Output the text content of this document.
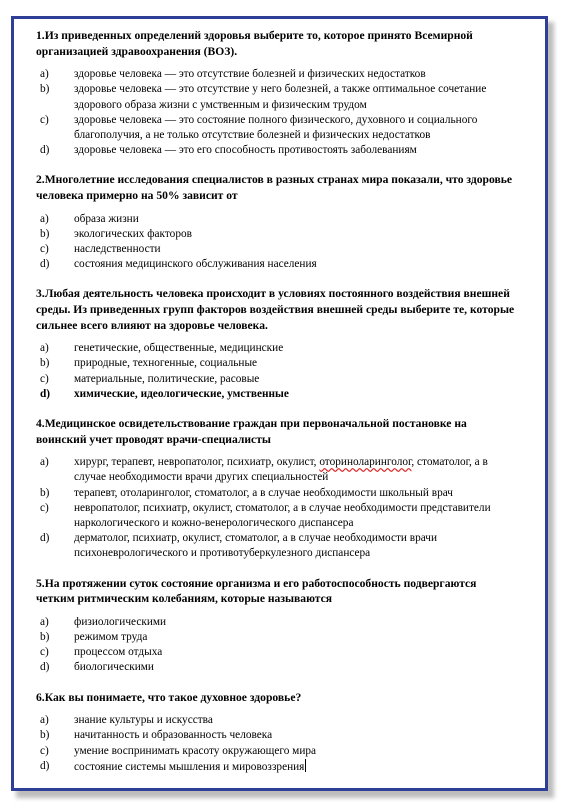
1.Из приведенных определений здоровья выберите то, которое принято Всемирной организацией здравоохранения (ВОЗ).

a)	здоровье человека — это отсутствие болезней и физических недостатков
b)	здоровье человека — это отсутствие у него болезней, а также оптимальное сочетание здорового образа жизни с умственным и физическим трудом
c)	здоровье человека — это состояние полного физического, духовного и социального благополучия, а не только отсутствие болезней и физических недостатков
d)	здоровье человека — это его способность противостоять заболеваниям

2.Многолетние исследования специалистов в разных странах мира показали, что здоровье человека примерно на 50% зависит от

a)	образа жизни
b)	экологических факторов
c)	наследственности
d)	состояния медицинского обслуживания населения

3.Любая деятельность человека происходит в условиях постоянного воздействия внешней среды. Из приведенных групп факторов воздействия внешней среды выберите те, которые сильнее всего влияют на здоровье человека.

a)	генетические, общественные, медицинские
b)	природные, техногенные, социальные
c)	материальные, политические, расовые
d)	химические, идеологические, умственные

4.Медицинское освидетельствование граждан при первоначальной постановке на воинский учет проводят врачи-специалисты

a)	хирург, терапевт, невропатолог, психиатр, окулист, оториноларинголог, стоматолог, а в случае необходимости врачи других специальностей
b)	терапевт, отоларинголог, стоматолог, а в случае необходимости школьный врач
c)	невропатолог, психиатр, окулист, стоматолог, а в случае необходимости представители наркологического и кожно-венерологического диспансера
d)	дерматолог, психиатр, окулист, стоматолог, а в случае необходимости врачи психоневрологического и противотуберкулезного диспансера

5.На протяжении суток состояние организма и его работоспособность подвергаются четким ритмическим колебаниям, которые называются

a)	физиологическими
b)	режимом труда
c)	процессом отдыха
d)	биологическими

6.Как вы понимаете, что такое духовное здоровье?

a)	знание культуры и искусства
b)	начитанность и образованность человека
c)	умение воспринимать красоту окружающего мира
d)	состояние системы мышления и мировоззрения
